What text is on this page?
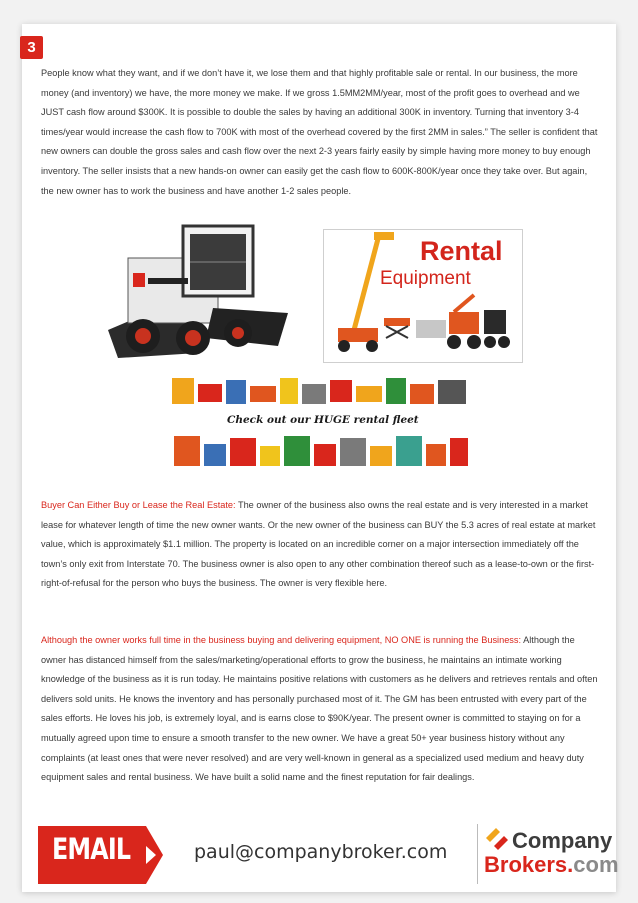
3
People know what they want, and if we don’t have it, we lose them and that highly profitable sale or rental. In our business, the more money (and inventory) we have, the more money we make. If we gross 1.5MM2MM/year, most of the profit goes to overhead and we JUST cash flow around $300K. It is possible to double the sales by having an additional 300K in inventory. Turning that inventory 3-4 times/year would increase the cash flow to 700K with most of the overhead covered by the first 2MM in sales.” The seller is confident that new owners can double the gross sales and cash flow over the next 2-3 years fairly easily by simple having more money to buy enough inventory. The seller insists that a new hands-on owner can easily get the cash flow to 600K-800K/year once they take over. But again, the new owner has to work the business and have another 1-2 sales people.
Rental
Equipment
Check out our HUGE rental fleet
Buyer Can Either Buy or Lease the Real Estate: The owner of the business also owns the real estate and is very interested in a market lease for whatever length of time the new owner wants. Or the new owner of the business can BUY the 5.3 acres of real estate at market value, which is approximately $1.1 million. The property is located on an incredible corner on a major intersection immediately off the town’s only exit from Interstate 70. The business owner is also open to any other combination thereof such as a lease-to-own or the first-right-of-refusal for the person who buys the business. The owner is very flexible here.
Although the owner works full time in the business buying and delivering equipment, NO ONE is running the Business: Although the owner has distanced himself from the sales/marketing/operational efforts to grow the business, he maintains an intimate working knowledge of the business as it is run today. He maintains positive relations with customers as he delivers and retrieves rentals and often delivers sold units. He knows the inventory and has personally purchased most of it. The GM has been entrusted with every part of the sales efforts. He loves his job, is extremely loyal, and is earns close to $90K/year. The present owner is committed to staying on for a mutually agreed upon time to ensure a smooth transfer to the new owner. We have a great 50+ year business history without any complaints (at least ones that were never resolved) and are very well-known in general as a specialized used medium and heavy duty equipment sales and rental business. We have built a solid name and the finest reputation for fair dealings.
EMAIL	paul@companybroker.com	Company
Brokers.com
